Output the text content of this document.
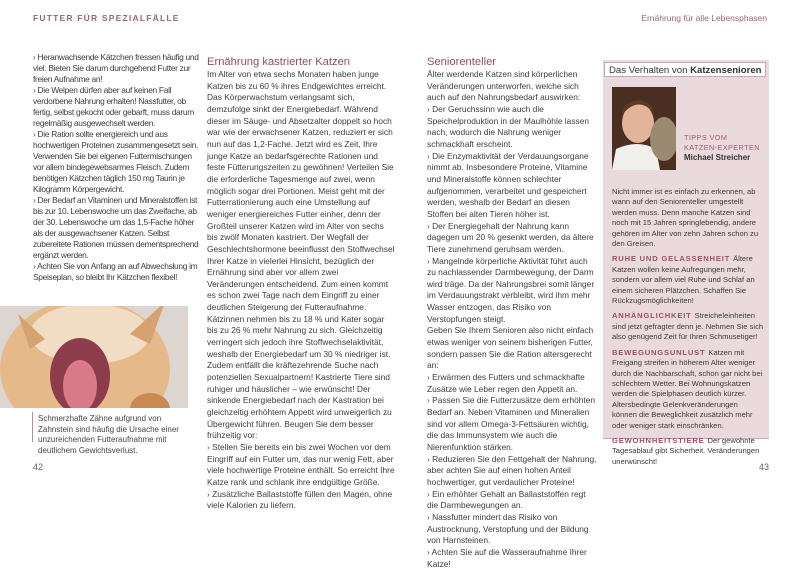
FUTTER FÜR SPEZIALFÄLLE	Ernährung für alle Lebensphasen

› Heranwachsende Kätzchen fressen häufig und viel. Bieten Sie darum durchgehend Futter zur freien Aufnahme an!

› Die Welpen dürfen aber auf keinen Fall verdorbene Nahrung erhalten! Nassfutter, ob fertig, selbst gekocht oder gebarft, muss darum regelmäßig ausgewechselt werden.

› Die Ration sollte energiereich und aus hochwertigen Proteinen zusammengesetzt sein. Verwenden Sie bei eigenen Futtermischungen vor allem bindegewebsarmes Fleisch. Zudem benötigen Kätzchen täglich 150 mg Taurin je Kilogramm Körpergewicht.

› Der Bedarf an Vitaminen und Mineralstoffen ist bis zur 10. Lebenswoche um das Zweifache, ab der 30. Lebenswoche um das 1,5-Fache höher als der ausgewachsener Katzen. Selbst zubereitete Rationen müssen dementsprechend ergänzt werden.

› Achten Sie von Anfang an auf Abwechslung im Speiseplan, so bleibt Ihr Kätzchen flexibel!

Schmerzhafte Zähne aufgrund von Zahnstein sind häufig die Ursache einer unzureichenden Futteraufnahme mit deutlichem Gewichtsverlust.
Ernährung kastrierter Katzen

Im Alter von etwa sechs Monaten haben junge Katzen bis zu 60 % ihres Endgewichtes erreicht. Das Körperwachstum verlangsamt sich, demzufolge sinkt der Energiebedarf. Während dieser im Säuge- und Absetzalter doppelt so hoch war wie der erwachsener Katzen, reduziert er sich nun auf das 1,2-Fache. Jetzt wird es Zeit, Ihre junge Katze an bedarfsgerechte Rationen und feste Fütterungszeiten zu gewöhnen! Verteilen Sie die erforderliche Tagesmenge auf zwei, wenn möglich sogar drei Portionen. Meist geht mit der Futterrationierung auch eine Umstellung auf weniger energiereiches Futter einher, denn der Großteil unserer Katzen wird im Alter von sechs bis zwölf Monaten kastriert. Der Wegfall der Geschlechtshormone beeinflusst den Stoffwechsel Ihrer Katze in vielerlei Hinsicht, bezüglich der Ernährung sind aber vor allem zwei Veränderungen entscheidend. Zum einen kommt es schon zwei Tage nach dem Eingriff zu einer deutlichen Steigerung der Futteraufnahme. Kätzinnen nehmen bis zu 18 % und Kater sogar bis zu 26 % mehr Nahrung zu sich. Gleichzeitig verringert sich jedoch ihre Stoffwechselaktivität, weshalb der Energiebedarf um 30 % niedriger ist. Zudem entfällt die kräftezehrende Suche nach potenziellen Sexualpartnern! Kastrierte Tiere sind ruhiger und häuslicher – wie erwünscht! Der sinkende Energiebedarf nach der Kastration bei gleichzeitig erhöhtem Appetit wird unweigerlich zu Übergewicht führen. Beugen Sie dem besser frühzeitig vor:

› Stellen Sie bereits ein bis zwei Wochen vor dem Eingriff auf ein Futter um, das nur wenig Fett, aber viele hochwertige Proteine enthält. So erreicht Ihre Katze rank und schlank ihre endgültige Größe.

› Zusätzliche Ballaststoffe füllen den Magen, ohne viele Kalorien zu liefern.

Seniorenteller

Älter werdende Katzen sind körperlichen Veränderungen unterworfen, welche sich auch auf den Nahrungsbedarf auswirken:

› Der Geruchssinn wie auch die Speichelproduktion in der Maulhöhle lassen nach, wodurch die Nahrung weniger schmackhaft erscheint.

› Die Enzymaktivität der Verdauungsorgane nimmt ab. Insbesondere Proteine, Vitamine und Mineralstoffe können schlechter aufgenommen, verarbeitet und gespeichert werden, weshalb der Bedarf an diesen Stoffen bei alten Tieren höher ist.

› Der Energiegehalt der Nahrung kann dagegen um 20 % gesenkt werden, da ältere Tiere zunehmend geruhsam werden.

› Mangelnde körperliche Aktivität führt auch zu nachlassender Darmbewegung, der Darm wird träge. Da der Nahrungsbrei somit länger im Verdauungstrakt verbleibt, wird ihm mehr Wasser entzogen, das Risiko von Verstopfungen steigt.

Geben Sie Ihrem Senioren also nicht einfach etwas weniger von seinem bisherigen Futter, sondern passen Sie die Ration altersgerecht an:

› Erwärmen des Futters und schmackhafte Zusätze wie Leber regen den Appetit an.

› Passen Sie die Futterzusätze dem erhöhten Bedarf an. Neben Vitaminen und Mineralien sind vor allem Omega-3-Fettsäuren wichtig, die das Immunsystem wie auch die Nierenfunktion stärken.

› Reduzieren Sie den Fettgehalt der Nahrung, aber achten Sie auf einen hohen Anteil hochwertiger, gut verdaulicher Proteine!

› Ein erhöhter Gehalt an Ballaststoffen regt die Darmbewegungen an.

› Nassfutter mindert das Risiko von Austrocknung, Verstopfung und der Bildung von Harnsteinen.

› Achten Sie auf die Wasseraufnahme Ihrer Katze!

Das Verhalten von Katzensenioren
TIPPS VOM
KATZEN-EXPERTEN
Michael Streicher

Nicht immer ist es einfach zu erkennen, ab wann auf den Seniorenteller umgestellt werden muss. Denn manche Katzen sind noch mit 15 Jahren springlebendig, andere gehören im Alter von zehn Jahren schon zu den Greisen.

RUHE UND GELASSENHEIT Ältere Katzen wollen keine Aufregungen mehr, sondern vor allem viel Ruhe und Schlaf an einem sicheren Plätzchen. Schaffen Sie Rückzugsmöglichkeiten!

ANHÄNGLICHKEIT Streicheleinheiten sind jetzt gefragter denn je. Nehmen Sie sich also genügend Zeit für Ihren Schmusetiger!

BEWEGUNGSUNLUST Katzen mit Freigang streifen in höherem Alter weniger durch die Nachbarschaft, schon gar nicht bei schlechtem Wetter. Bei Wohnungskatzen werden die Spielphasen deutlich kürzer. Altersbedingte Gelenkveränderungen können die Beweglichkeit zusätzlich mehr oder weniger stark einschränken.

GEWOHNHEITSTIERE Der gewohnte Tagesablauf gibt Sicherheit. Veränderungen unerwünscht!

42	43
